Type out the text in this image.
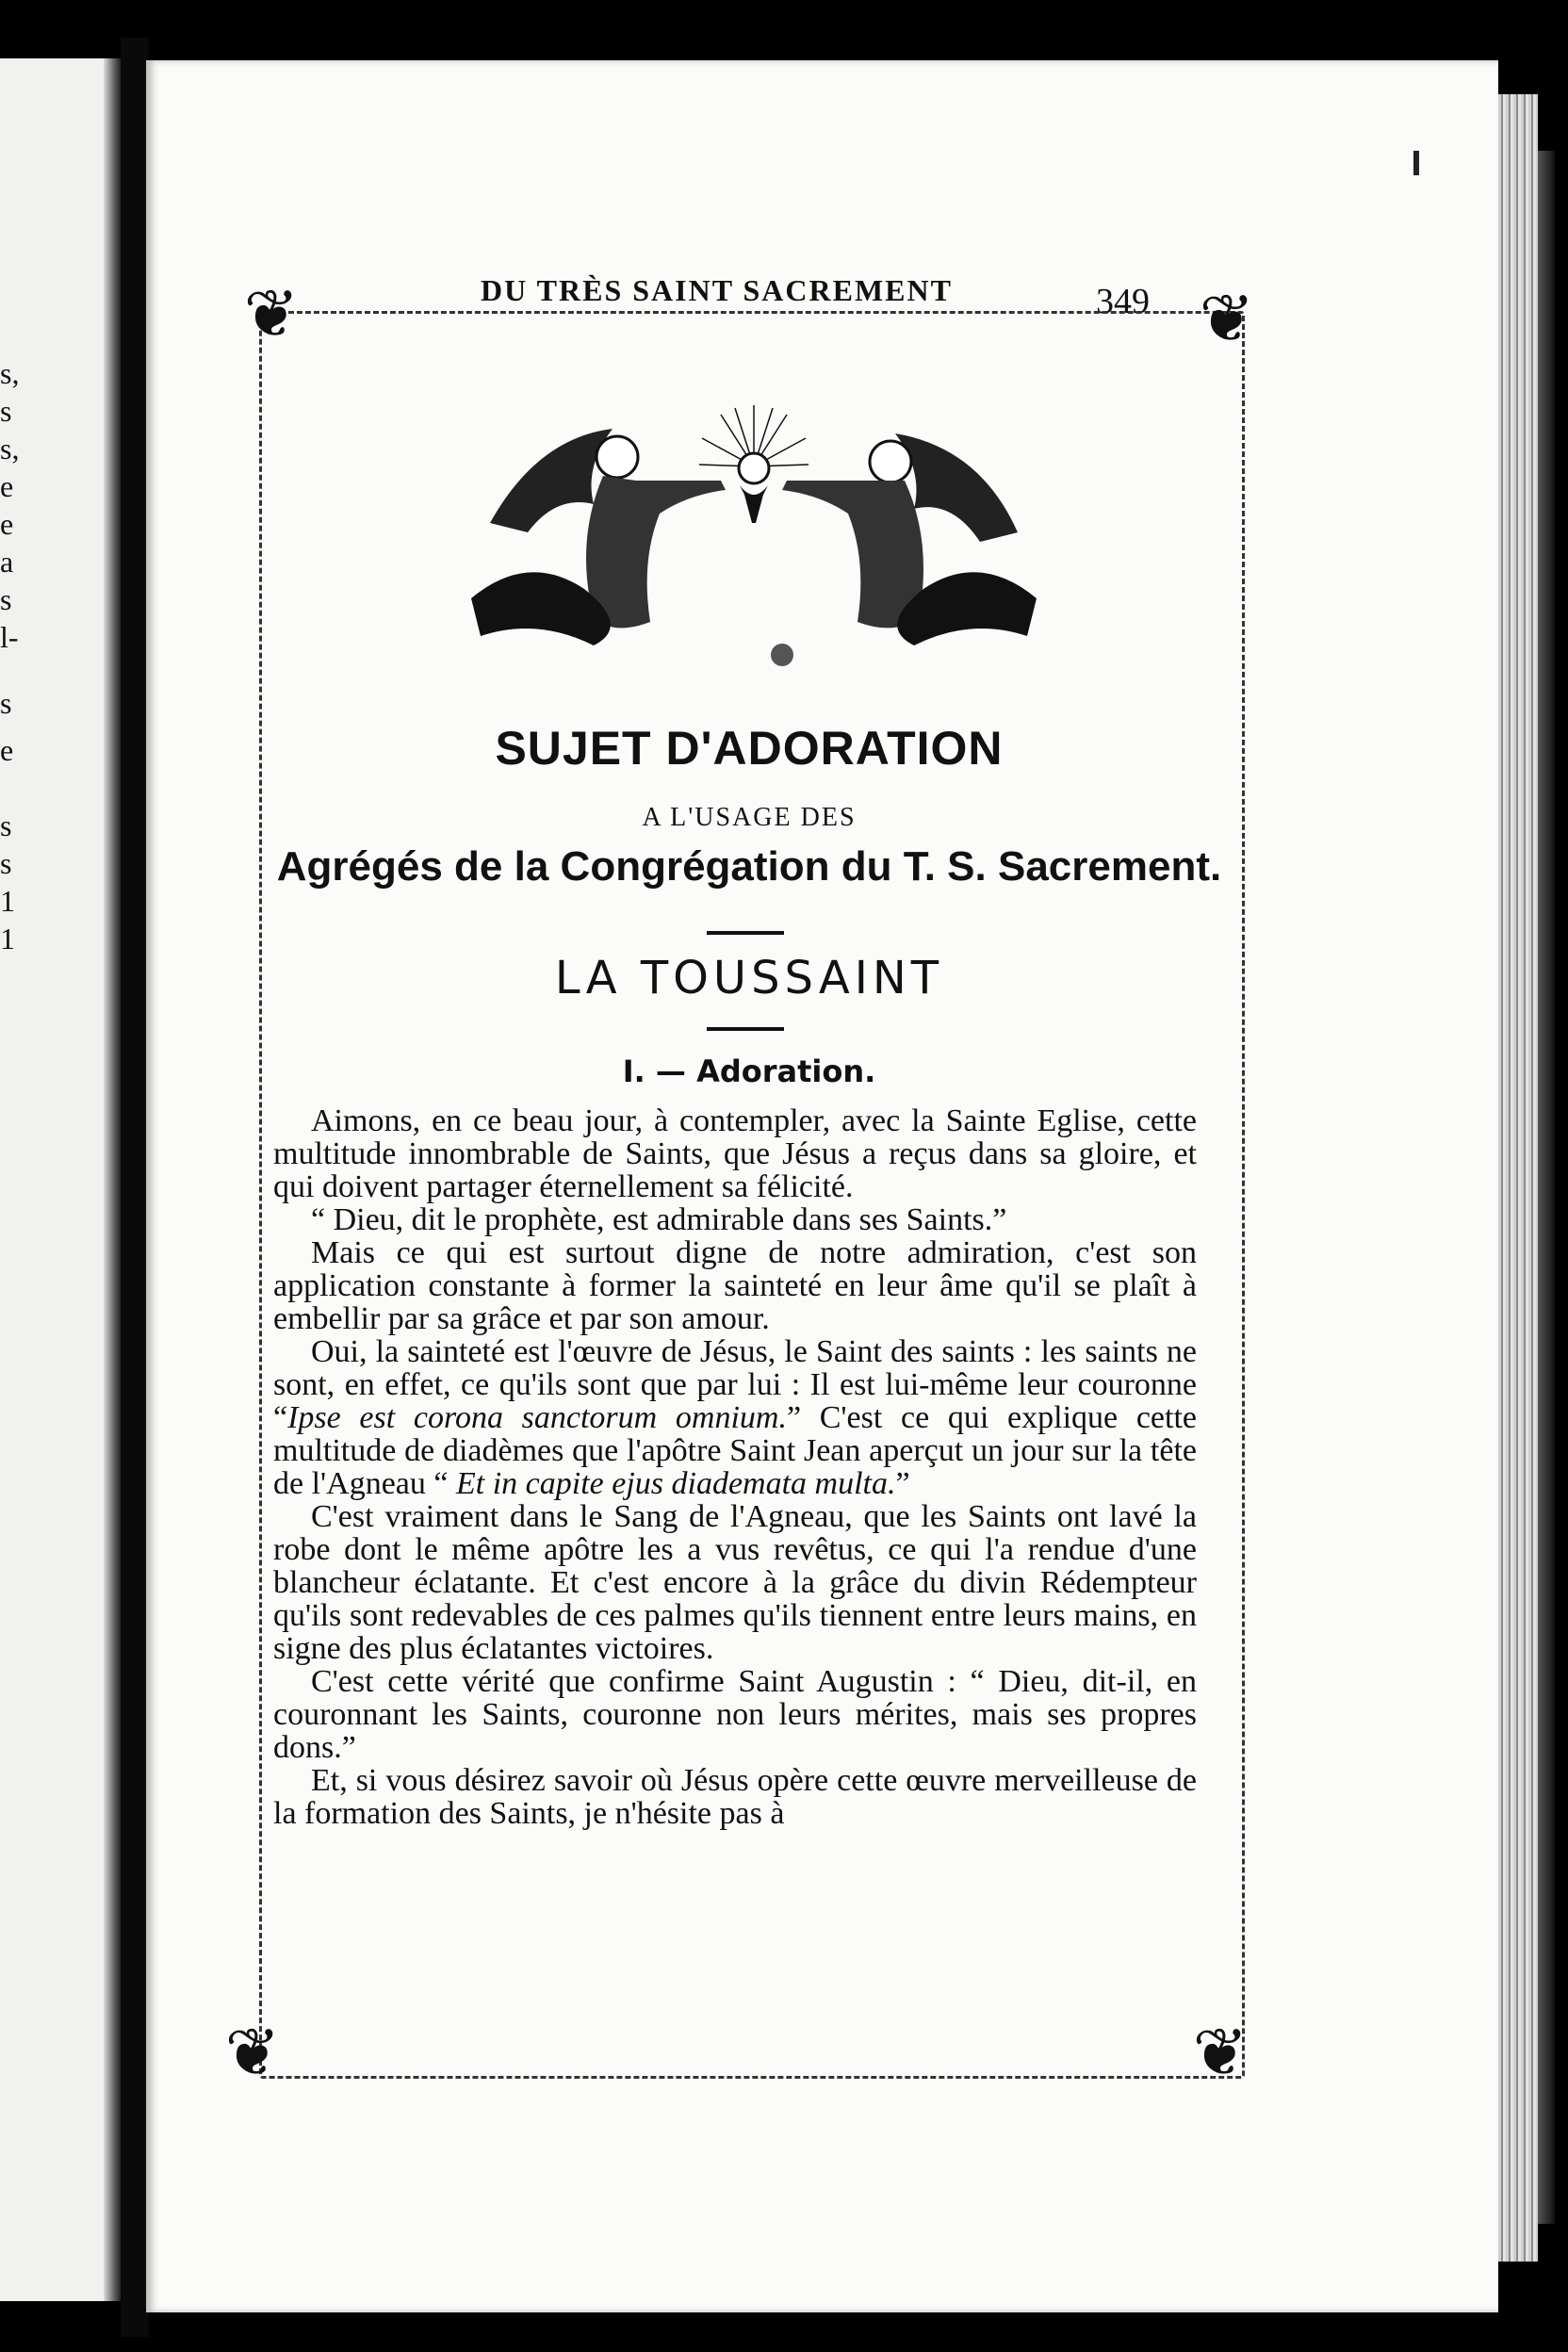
s,
s
s,
e
e
a
s
l-
s
e
s
s
1
1
DU TRÈS SAINT SACREMENT	349
❦	❦
❦	❦
SUJET D'ADORATION
A L'USAGE DES
Agrégés de la Congrégation du T. S. Sacrement.
LA TOUSSAINT
I. — Adoration.

Aimons, en ce beau jour, à contempler, avec la Sainte Eglise, cette multitude innombrable de Saints, que Jésus a reçus dans sa gloire, et qui doivent partager éternellement sa félicité.

“ Dieu, dit le prophète, est admirable dans ses Saints.”

Mais ce qui est surtout digne de notre admiration, c'est son application constante à former la sainteté en leur âme qu'il se plaît à embellir par sa grâce et par son amour.

Oui, la sainteté est l'œuvre de Jésus, le Saint des saints : les saints ne sont, en effet, ce qu'ils sont que par lui : Il est lui-même leur couronne “Ipse est corona sanctorum omnium.” C'est ce qui explique cette multitude de diadèmes que l'apôtre Saint Jean aperçut un jour sur la tête de l'Agneau “ Et in capite ejus diademata multa.”

C'est vraiment dans le Sang de l'Agneau, que les Saints ont lavé la robe dont le même apôtre les a vus revêtus, ce qui l'a rendue d'une blancheur éclatante. Et c'est encore à la grâce du divin Rédempteur qu'ils sont redevables de ces palmes qu'ils tiennent entre leurs mains, en signe des plus éclatantes victoires.

C'est cette vérité que confirme Saint Augustin : “ Dieu, dit-il, en couronnant les Saints, couronne non leurs mérites, mais ses propres dons.”

Et, si vous désirez savoir où Jésus opère cette œuvre merveilleuse de la formation des Saints, je n'hésite pas à
